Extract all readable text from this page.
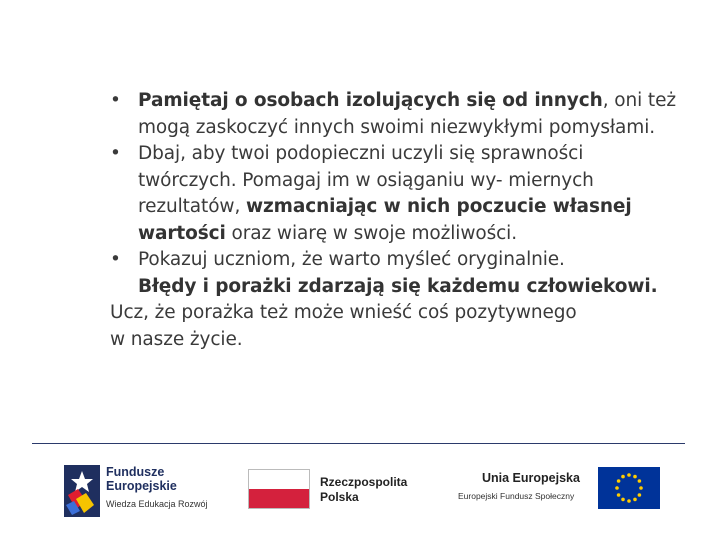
• Pamiętaj o osobach izolujących się od innych, oni też mogą zaskoczyć innych swoimi niezwykłymi pomysłami.
• Dbaj, aby twoi podopieczni uczyli się sprawności twórczych. Pomagaj im w osiąganiu wy- miernych rezultatów, wzmacniając w nich poczucie własnej wartości oraz wiarę w swoje możliwości.
• Pokazuj uczniom, że warto myśleć oryginalnie.
Błędy i porażki zdarzają się każdemu człowiekowi.
Ucz, że porażka też może wnieść coś pozytywnego
w nasze życie.
Fundusze
Europejskie
Wiedza Edukacja Rozwój
Rzeczpospolita
Polska
Unia Europejska
Europejski Fundusz Społeczny
